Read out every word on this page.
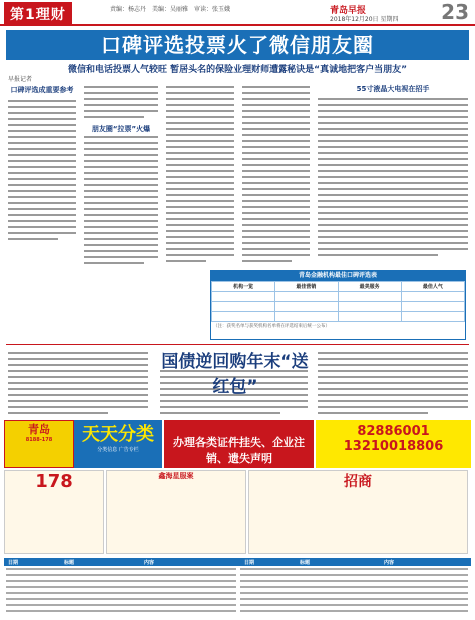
第1理财	责编：杨志丹　美编：吴丽雅　审读：张玉娥	青岛早报
2018年12月20日 星期四 23
口碑评选投票火了微信朋友圈
微信和电话投票人气较旺 暂居头名的保险业理财师遭露秘诀是“真诚地把客户当朋友”
早报记者
口碑评选成重要参考
朋友圈“拉票”火爆
55寸液晶大电视在招手
青岛金融机构最佳口碑评选表
机构一览	最佳营销	最美服务	最佳人气

（注：获奖名单与获奖机构名单将在评选结束后统一公布）
国债逆回购年末“送红包”
青岛
8188-178	天天分类
分类信息 广告专栏
办理各类证件挂失、企业注销、遗失声明
82886001
13210018806
178	鑫海星服案	招商
日期	标题	内容	日期	标题	内容
